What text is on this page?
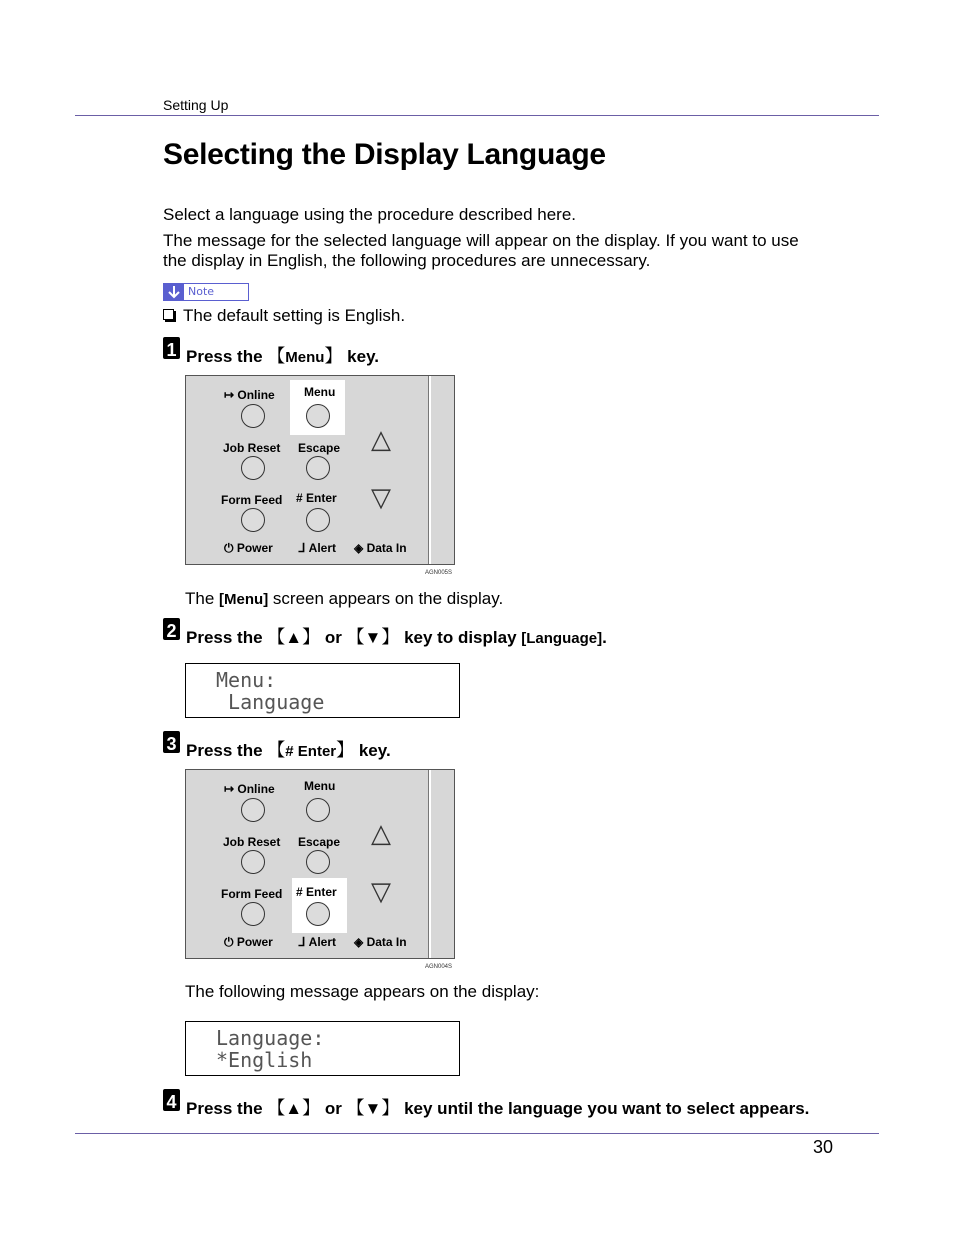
Setting Up
Selecting the Display Language
Select a language using the procedure described here.
The message for the selected language will appear on the display. If you want to use the display in English, the following procedures are unnecessary.
Note
The default setting is English.
1 Press the 【Menu】 key.
↦ Online Menu
Job Reset Escape △
Form Feed # Enter ▽
⏻ Power ᒧ Alert ◈ Data In
AGN005S
The [Menu] screen appears on the display.
2 Press the 【▲】 or 【▼】 key to display [Language].
Menu:
Language
3 Press the 【# Enter】 key.
↦ Online Menu
Job Reset Escape △
Form Feed # Enter ▽
⏻ Power ᒧ Alert ◈ Data In
AGN004S
The following message appears on the display:
Language:
*English
4 Press the 【▲】 or 【▼】 key until the language you want to select appears.
30
